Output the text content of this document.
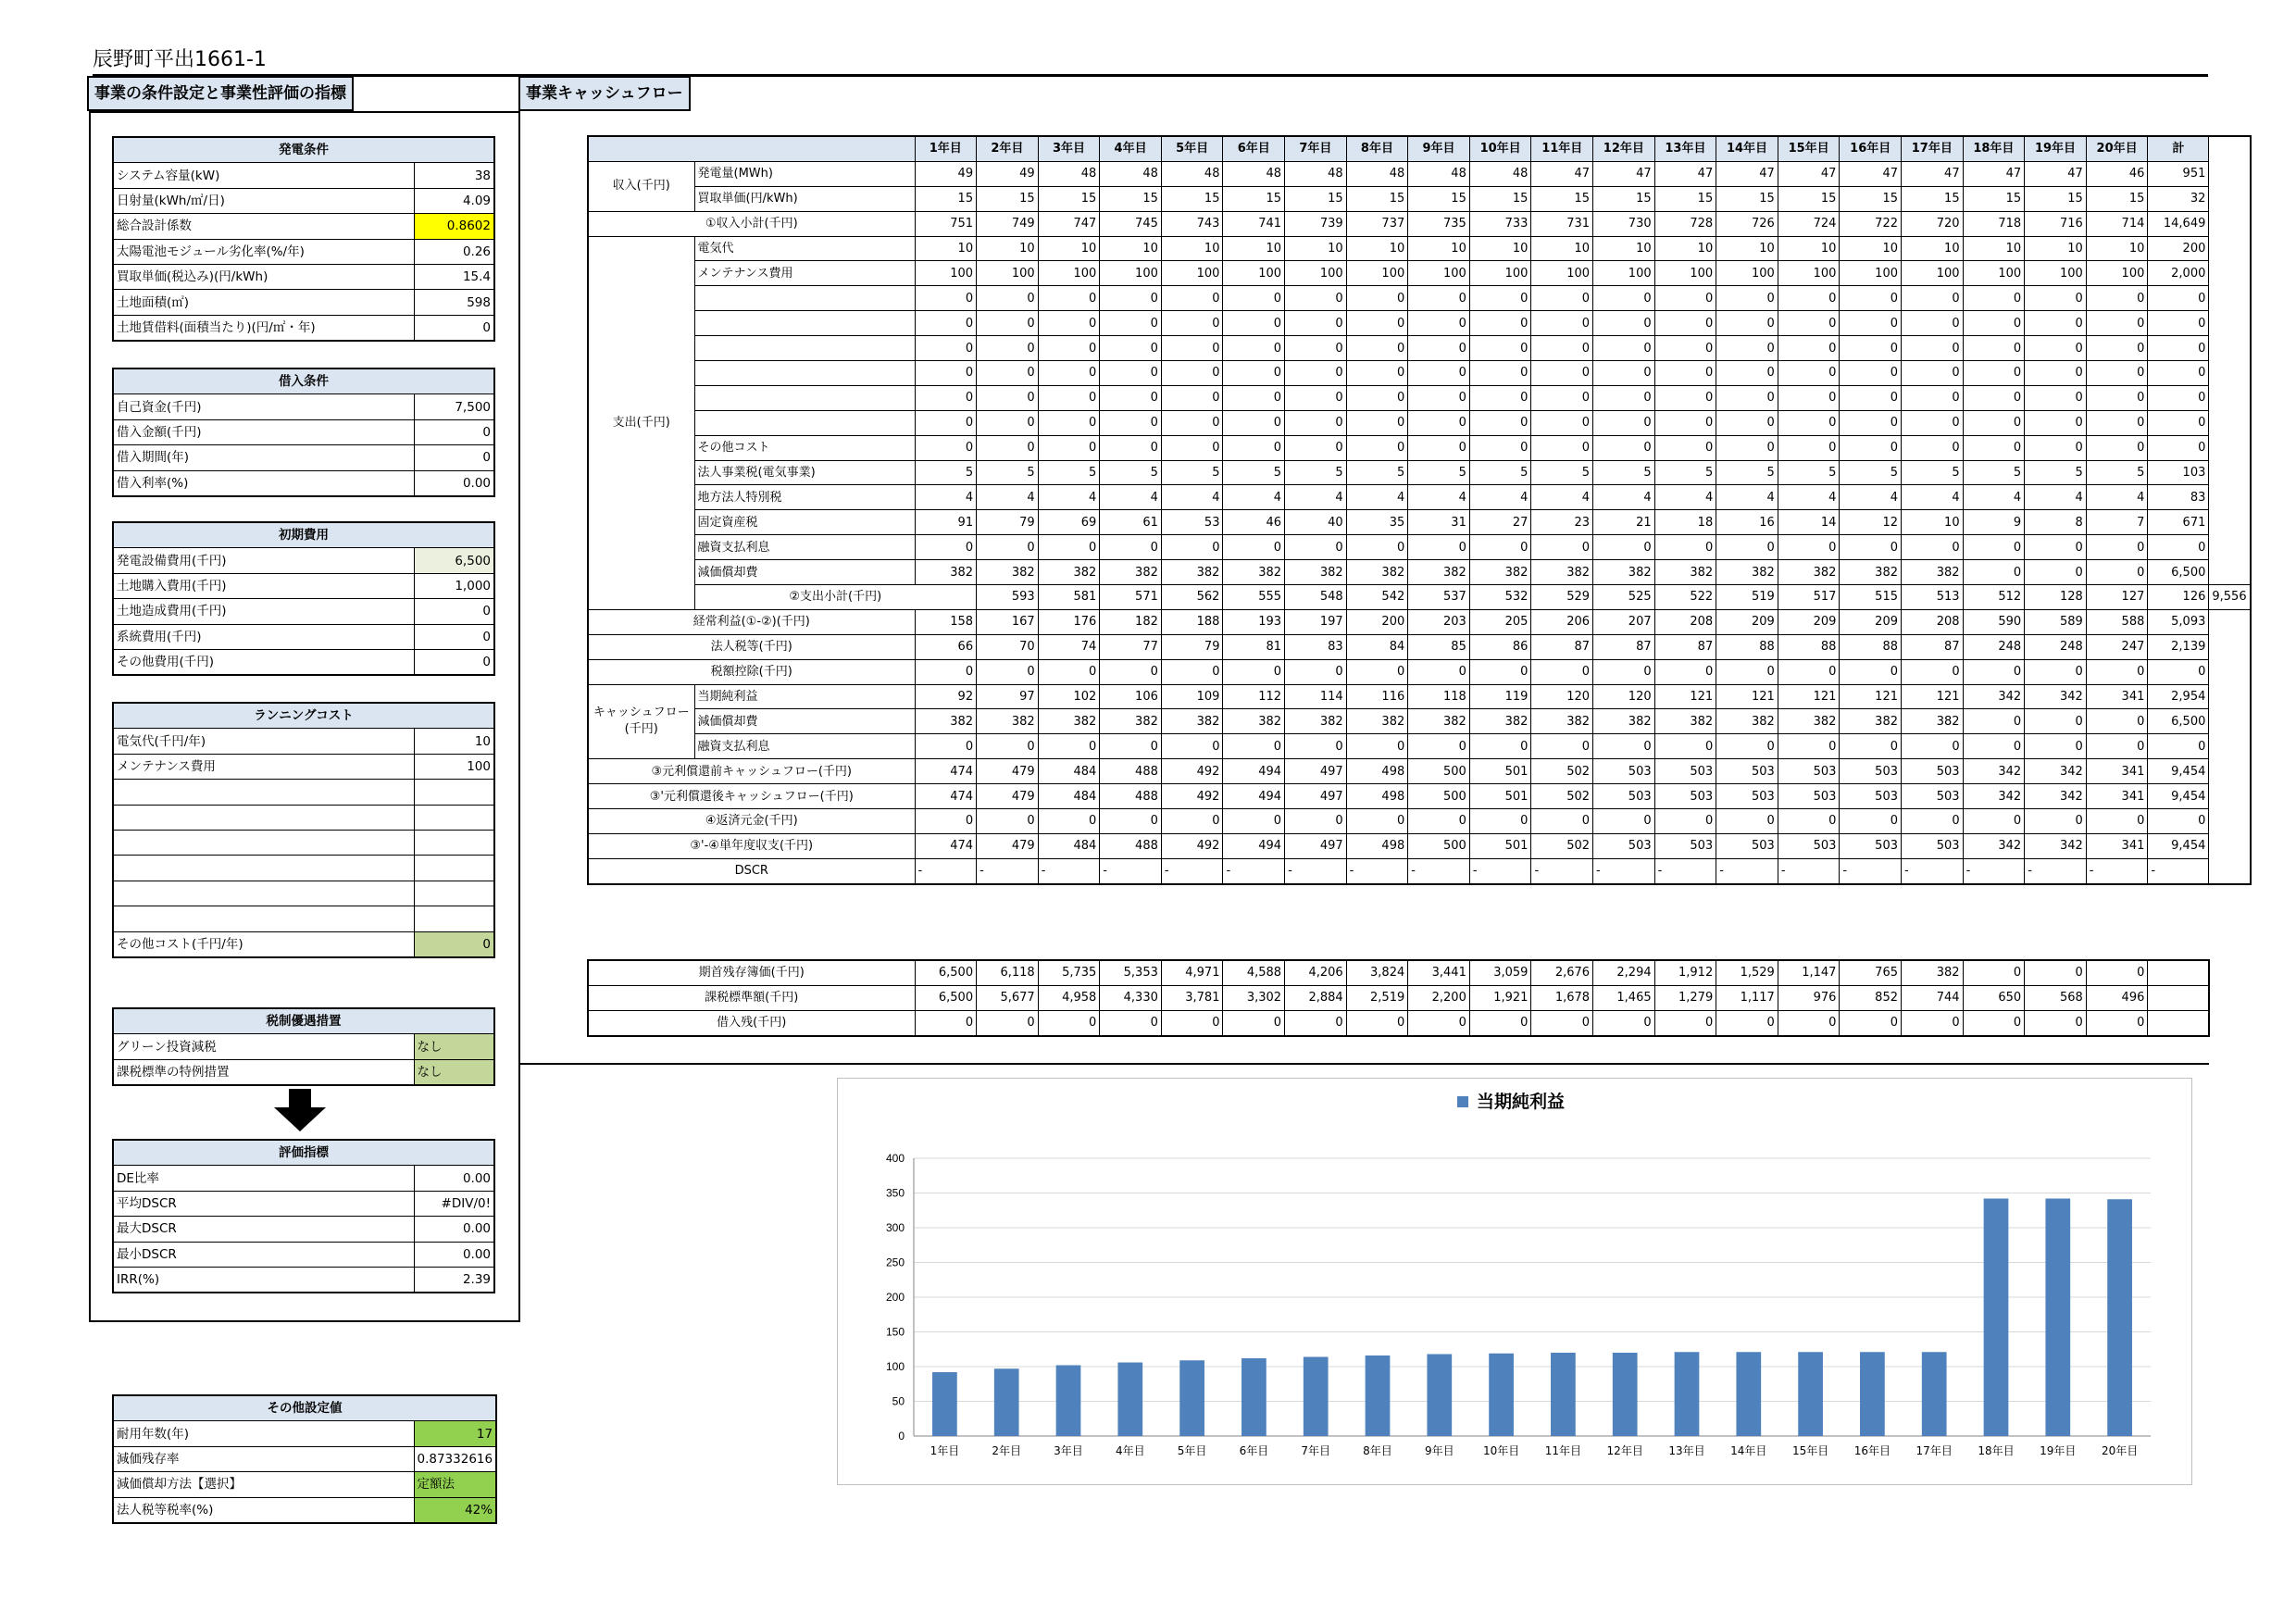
辰野町平出1661-1
事業の条件設定と事業性評価の指標	事業キャッシュフロー
発電条件	
システム容量(kW)	38
日射量(kWh/㎡/日)	4.09
総合設計係数	0.8602
太陽電池モジュール劣化率(%/年)	0.26
買取単価(税込み)(円/kWh)	15.4
土地面積(㎡)	598
土地賃借料(面積当たり)(円/㎡・年)	0
借入条件	
自己資金(千円)	7,500
借入金額(千円)	0
借入期間(年)	0
借入利率(%)	0.00
初期費用	
発電設備費用(千円)	6,500
土地購入費用(千円)	1,000
土地造成費用(千円)	0
系統費用(千円)	0
その他費用(千円)	0
ランニングコスト	
電気代(千円/年)	10
メンテナンス費用	100

その他コスト(千円/年)	0
税制優遇措置	
グリーン投資減税	なし
課税標準の特例措置	なし
評価指標	
DE比率	0.00
平均DSCR	#DIV/0!
最大DSCR	0.00
最小DSCR	0.00
IRR(%)	2.39
その他設定値	
耐用年数(年)	17
減価残存率	0.87332616
減価償却方法【選択】	定額法
法人税等税率(%)	42%
		1年目	2年目	3年目	4年目	5年目	6年目	7年目	8年目	9年目	10年目	11年目	12年目	13年目	14年目	15年目	16年目	17年目	18年目	19年目	20年目	計	
収入(千円)	発電量(MWh)	49	49	48	48	48	48	48	48	48	48	47	47	47	47	47	47	47	47	47	46	951	
	買取単価(円/kWh)	15	15	15	15	15	15	15	15	15	15	15	15	15	15	15	15	15	15	15	15	32	
①収入小計(千円)		751	749	747	745	743	741	739	737	735	733	731	730	728	726	724	722	720	718	716	714	14,649	
支出(千円)	電気代	10	10	10	10	10	10	10	10	10	10	10	10	10	10	10	10	10	10	10	10	200	
	メンテナンス費用	100	100	100	100	100	100	100	100	100	100	100	100	100	100	100	100	100	100	100	100	2,000	
		0	0	0	0	0	0	0	0	0	0	0	0	0	0	0	0	0	0	0	0	0	
		0	0	0	0	0	0	0	0	0	0	0	0	0	0	0	0	0	0	0	0	0	
		0	0	0	0	0	0	0	0	0	0	0	0	0	0	0	0	0	0	0	0	0	
		0	0	0	0	0	0	0	0	0	0	0	0	0	0	0	0	0	0	0	0	0	
		0	0	0	0	0	0	0	0	0	0	0	0	0	0	0	0	0	0	0	0	0	
		0	0	0	0	0	0	0	0	0	0	0	0	0	0	0	0	0	0	0	0	0	
	その他コスト	0	0	0	0	0	0	0	0	0	0	0	0	0	0	0	0	0	0	0	0	0	
	法人事業税(電気事業)	5	5	5	5	5	5	5	5	5	5	5	5	5	5	5	5	5	5	5	5	103	
	地方法人特別税	4	4	4	4	4	4	4	4	4	4	4	4	4	4	4	4	4	4	4	4	83	
	固定資産税	91	79	69	61	53	46	40	35	31	27	23	21	18	16	14	12	10	9	8	7	671	
	融資支払利息	0	0	0	0	0	0	0	0	0	0	0	0	0	0	0	0	0	0	0	0	0	
	減価償却費	382	382	382	382	382	382	382	382	382	382	382	382	382	382	382	382	382	0	0	0	6,500	
	②支出小計(千円)		593	581	571	562	555	548	542	537	532	529	525	522	519	517	515	513	512	128	127	126	9,556
経常利益(①-②)(千円)		158	167	176	182	188	193	197	200	203	205	206	207	208	209	209	209	208	590	589	588	5,093	
法人税等(千円)		66	70	74	77	79	81	83	84	85	86	87	87	87	88	88	88	87	248	248	247	2,139	
税額控除(千円)		0	0	0	0	0	0	0	0	0	0	0	0	0	0	0	0	0	0	0	0	0	
キャッシュフロー(千円)	当期純利益	92	97	102	106	109	112	114	116	118	119	120	120	121	121	121	121	121	342	342	341	2,954	
	減価償却費	382	382	382	382	382	382	382	382	382	382	382	382	382	382	382	382	382	0	0	0	6,500	
	融資支払利息	0	0	0	0	0	0	0	0	0	0	0	0	0	0	0	0	0	0	0	0	0	
③元利償還前キャッシュフロー(千円)		474	479	484	488	492	494	497	498	500	501	502	503	503	503	503	503	503	342	342	341	9,454	
③'元利償還後キャッシュフロー(千円)		474	479	484	488	492	494	497	498	500	501	502	503	503	503	503	503	503	342	342	341	9,454	
④返済元金(千円)		0	0	0	0	0	0	0	0	0	0	0	0	0	0	0	0	0	0	0	0	0	
③'-④単年度収支(千円)		474	479	484	488	492	494	497	498	500	501	502	503	503	503	503	503	503	342	342	341	9,454	
DSCR		-	-	-	-	-	-	-	-	-	-	-	-	-	-	-	-	-	-	-	-	-	
期首残存簿価(千円)	6,500	6,118	5,735	5,353	4,971	4,588	4,206	3,824	3,441	3,059	2,676	2,294	1,912	1,529	1,147	765	382	0	0	0	
課税標準額(千円)	6,500	5,677	4,958	4,330	3,781	3,302	2,884	2,519	2,200	1,921	1,678	1,465	1,279	1,117	976	852	744	650	568	496	
借入残(千円)	0	0	0	0	0	0	0	0	0	0	0	0	0	0	0	0	0	0	0	0	
0
50
100
150
200
250
300
350
400
1年目	2年目	3年目	4年目	5年目	6年目	7年目	8年目	9年目	10年目 11年目 12年目 13年目 14年目 15年目 16年目 17年目 18年目 19年目 20年目
当期純利益
